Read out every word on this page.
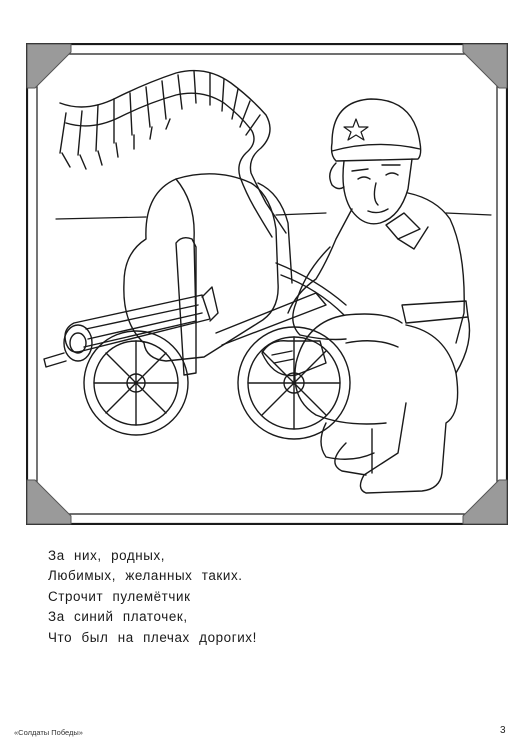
За них, родных,
Любимых, желанных таких.
Строчит пулемётчик
За синий платочек,
Что был на плечах дорогих!
«Солдаты Победы»	3
